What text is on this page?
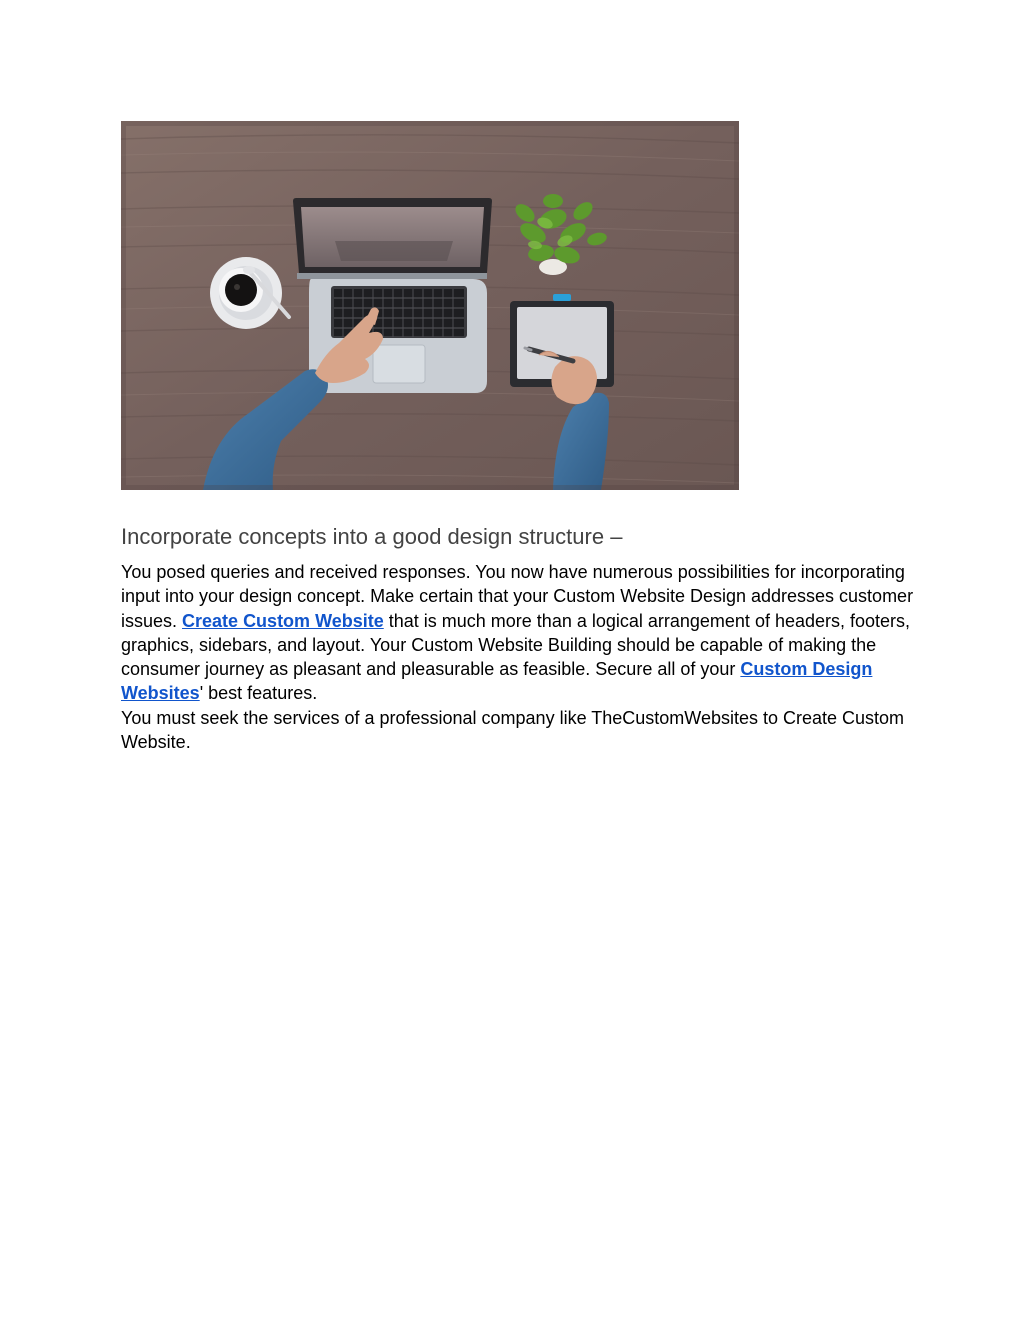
Incorporate concepts into a good design structure –

You posed queries and received responses. You now have numerous possibilities for incorporating input into your design concept. Make certain that your Custom Website Design addresses customer issues. Create Custom Website that is much more than a logical arrangement of headers, footers, graphics, sidebars, and layout. Your Custom Website Building should be capable of making the consumer journey as pleasant and pleasurable as feasible. Secure all of your Custom Design Websites' best features.

You must seek the services of a professional company like TheCustomWebsites to Create Custom Website.
